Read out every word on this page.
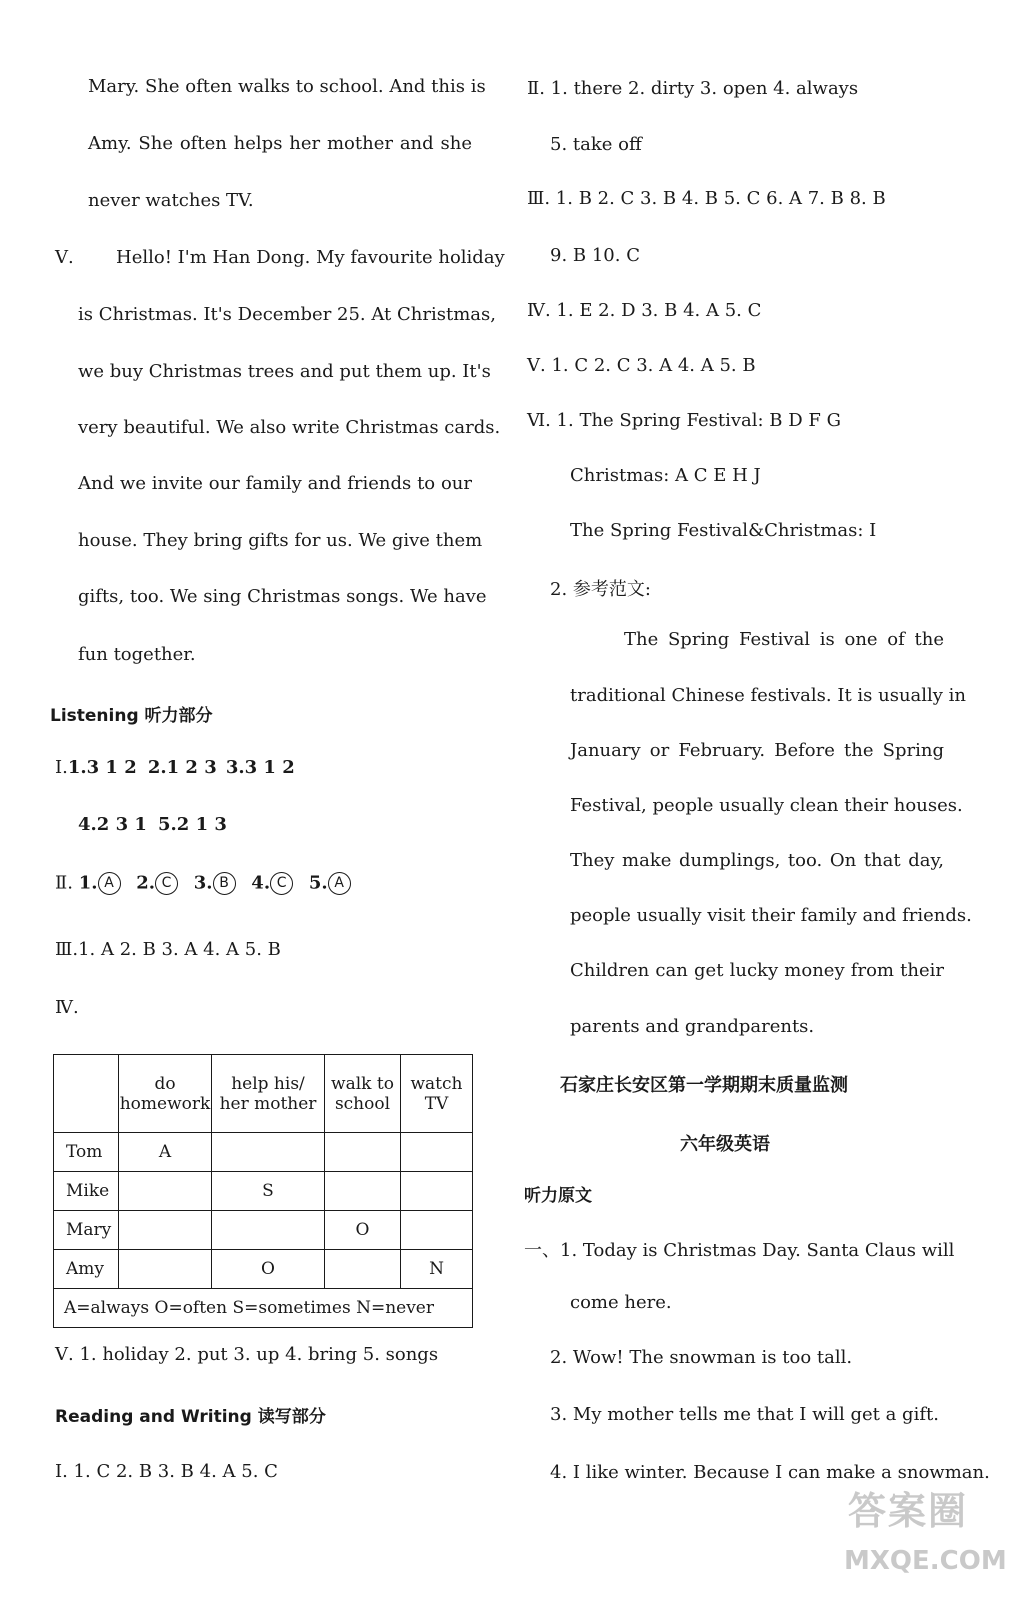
Mary. She often walks to school. And this is
Amy. She often helps her mother and she
never watches TV.
Ⅴ. Hello! I'm Han Dong. My favourite holiday
is Christmas. It's December 25. At Christmas,
we buy Christmas trees and put them up. It's
very beautiful. We also write Christmas cards.
And we invite our family and friends to our
house. They bring gifts for us. We give them
gifts, too. We sing Christmas songs. We have
fun together.
Listening 听力部分
Ⅰ.1.3 1 2 2.1 2 3 3.3 1 2
4.2 3 1 5.2 1 3
Ⅱ. 1. A 2. C 3. B 4. C 5. A
Ⅲ.1. A 2. B 3. A 4. A 5. B
Ⅳ.
	do
homework	help his/
her mother	walk to
school	watch
TV
Tom	A			
Mike		S		
Mary			O	
Amy		O		N
A=always O=often S=sometimes N=never				
Ⅴ. 1. holiday 2. put 3. up 4. bring 5. songs
Reading and Writing 读写部分
Ⅰ. 1. C 2. B 3. B 4. A 5. C
Ⅱ. 1. there 2. dirty 3. open 4. always
5. take off
Ⅲ. 1. B 2. C 3. B 4. B 5. C 6. A 7. B 8. B
9. B 10. C
Ⅳ. 1. E 2. D 3. B 4. A 5. C
Ⅴ. 1. C 2. C 3. A 4. A 5. B
Ⅵ. 1. The Spring Festival: B D F G
Christmas: A C E H J
The Spring Festival&Christmas: I
2. 参考范文:
The Spring Festival is one of the
traditional Chinese festivals. It is usually in
January or February. Before the Spring
Festival, people usually clean their houses.
They make dumplings, too. On that day,
people usually visit their family and friends.
Children can get lucky money from their
parents and grandparents.
石家庄长安区第一学期期末质量监测
六年级英语
听力原文
一、1. Today is Christmas Day. Santa Claus will
come here.
2. Wow! The snowman is too tall.
3. My mother tells me that I will get a gift.
4. I like winter. Because I can make a snowman.
答案圈
MXQE.COM
